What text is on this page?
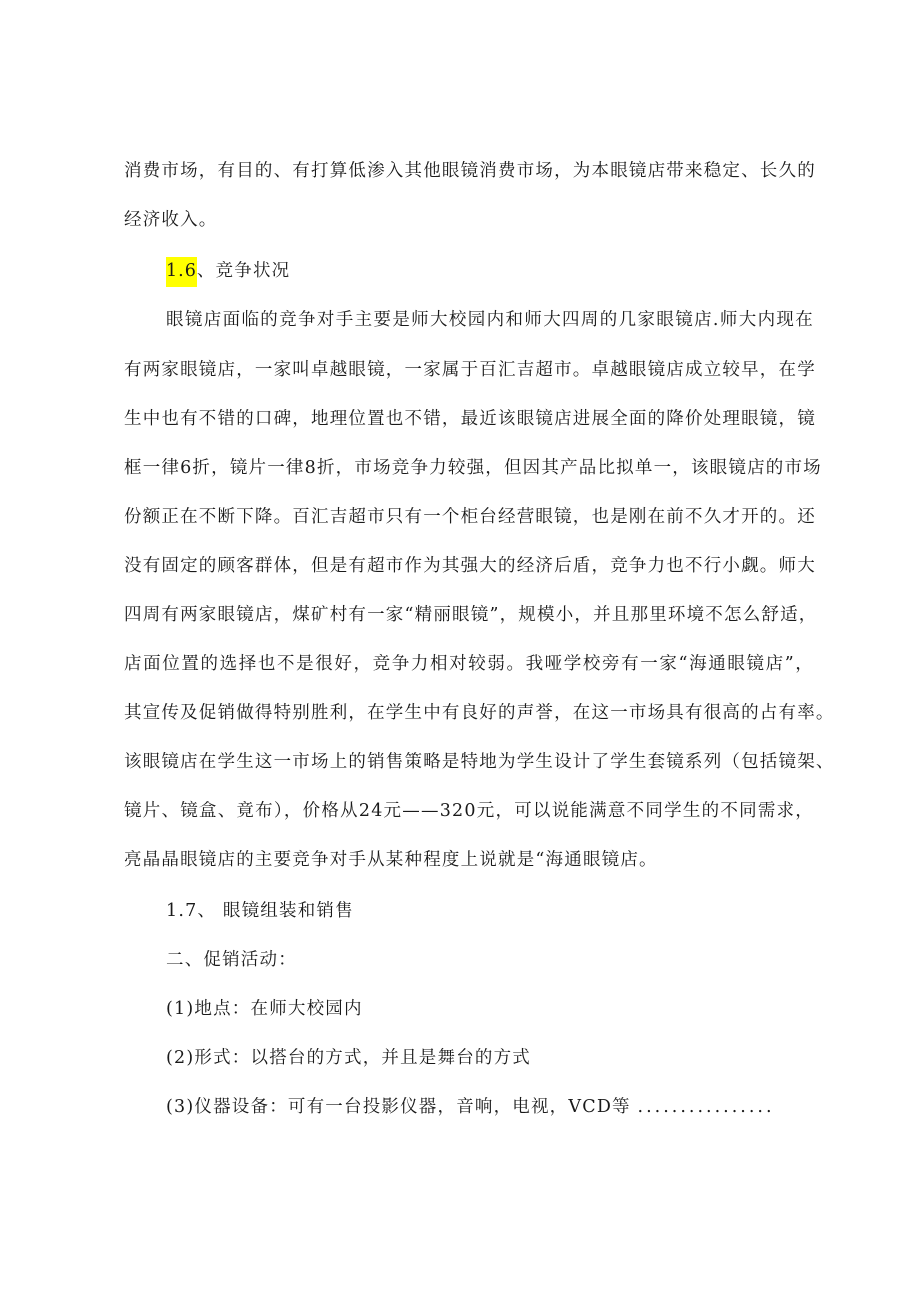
消费市场，有目的、有打算低渗入其他眼镜消费市场，为本眼镜店带来稳定、长久的
经济收入。
1.6、竞争状况
眼镜店面临的竞争对手主要是师大校园内和师大四周的几家眼镜店.师大内现在
有两家眼镜店，一家叫卓越眼镜，一家属于百汇吉超市。卓越眼镜店成立较早，在学
生中也有不错的口碑，地理位置也不错，最近该眼镜店进展全面的降价处理眼镜，镜
框一律6折，镜片一律8折，市场竞争力较强，但因其产品比拟单一，该眼镜店的市场
份额正在不断下降。百汇吉超市只有一个柜台经营眼镜，也是刚在前不久才开的。还
没有固定的顾客群体，但是有超市作为其强大的经济后盾，竞争力也不行小觑。师大
四周有两家眼镜店，煤矿村有一家“精丽眼镜”，规模小，并且那里环境不怎么舒适，
店面位置的选择也不是很好，竞争力相对较弱。我哑学校旁有一家“海通眼镜店”，
其宣传及促销做得特别胜利，在学生中有良好的声誉，在这一市场具有很高的占有率。
该眼镜店在学生这一市场上的销售策略是特地为学生设计了学生套镜系列（包括镜架、
镜片、镜盒、竟布），价格从24元——320元，可以说能满意不同学生的不同需求，
亮晶晶眼镜店的主要竞争对手从某种程度上说就是“海通眼镜店。
1.7、 眼镜组装和销售
二、促销活动：
(1)地点：在师大校园内
(2)形式：以搭台的方式，并且是舞台的方式
(3)仪器设备：可有一台投影仪器，音响，电视，VCD等 ................
